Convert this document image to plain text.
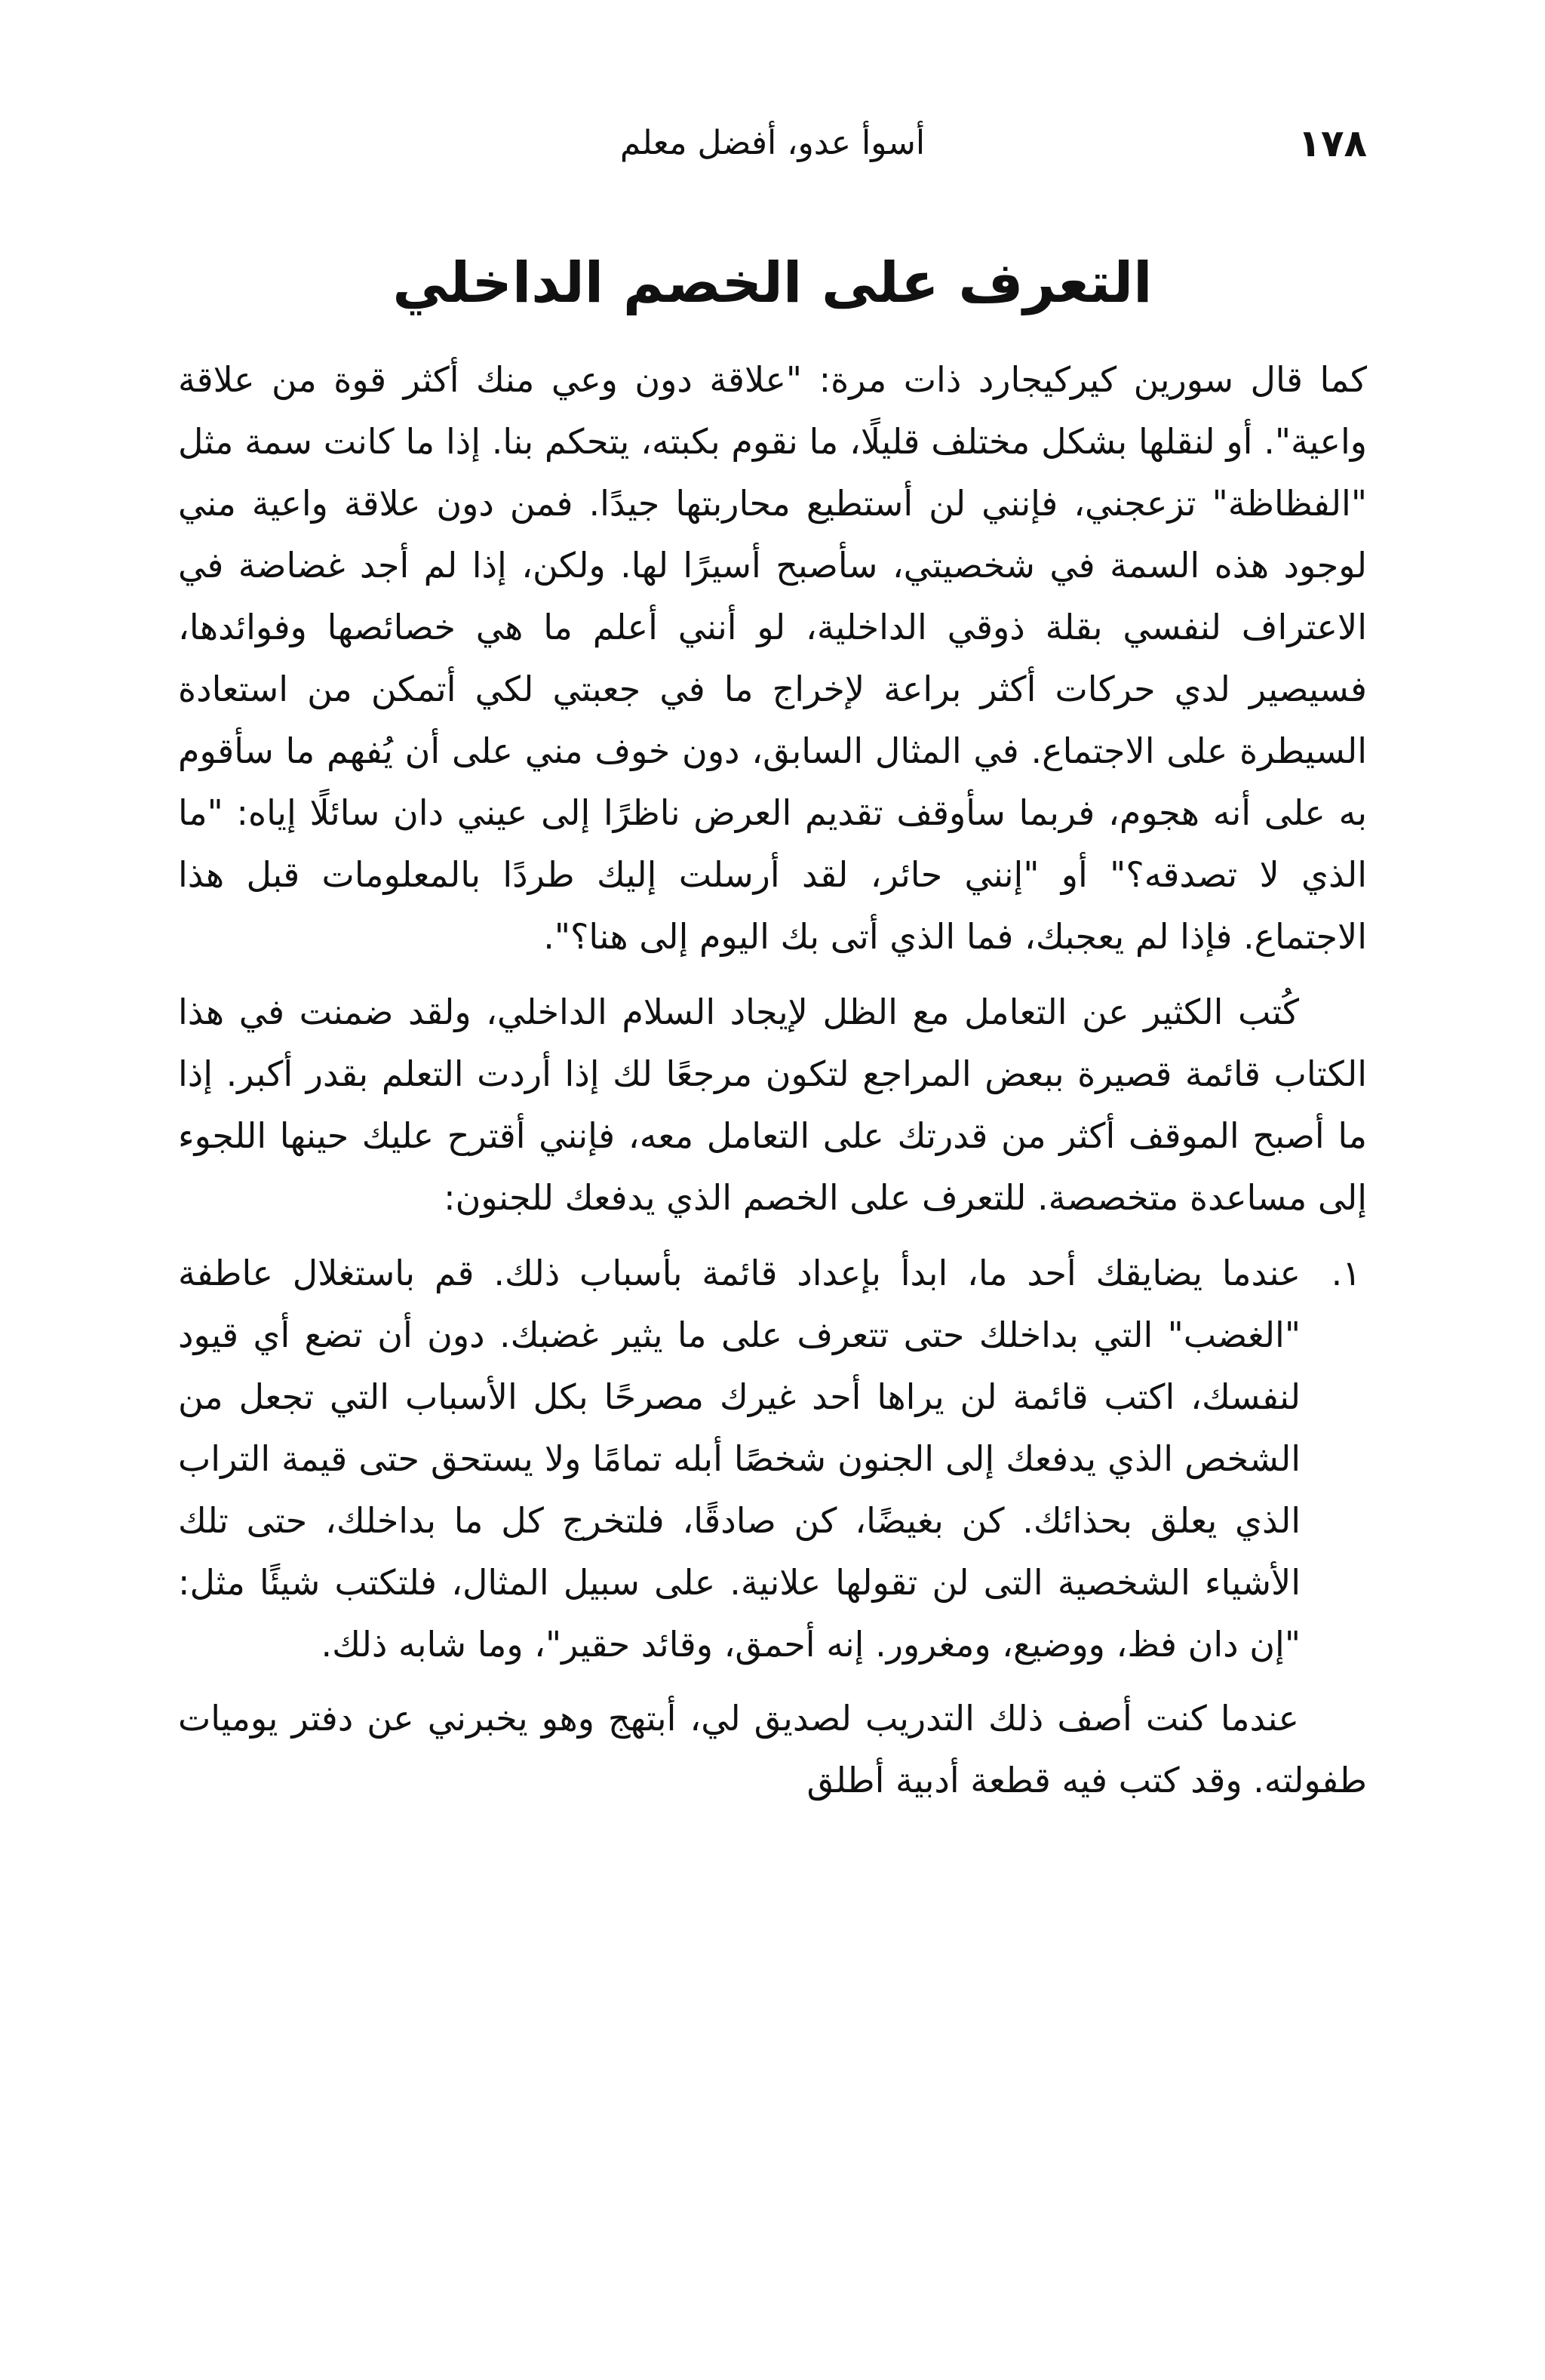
١٧٨
أسوأ عدو، أفضل معلم
التعرف على الخصم الداخلي

كما قال سورين كيركيجارد ذات مرة: "علاقة دون وعي منك أكثر قوة من علاقة واعية". أو لنقلها بشكل مختلف قليلًا، ما نقوم بكبته، يتحكم بنا. إذا ما كانت سمة مثل "الفظاظة" تزعجني، فإنني لن أستطيع محاربتها جيدًا. فمن دون علاقة واعية مني لوجود هذه السمة في شخصيتي، سأصبح أسيرًا لها. ولكن، إذا لم أجد غضاضة في الاعتراف لنفسي بقلة ذوقي الداخلية، لو أنني أعلم ما هي خصائصها وفوائدها، فسيصير لدي حركات أكثر براعة لإخراج ما في جعبتي لكي أتمكن من استعادة السيطرة على الاجتماع. في المثال السابق، دون خوف مني على أن يُفهم ما سأقوم به على أنه هجوم، فربما سأوقف تقديم العرض ناظرًا إلى عيني دان سائلًا إياه: "ما الذي لا تصدقه؟" أو "إنني حائر، لقد أرسلت إليك طردًا بالمعلومات قبل هذا الاجتماع. فإذا لم يعجبك، فما الذي أتى بك اليوم إلى هنا؟".

كُتب الكثير عن التعامل مع الظل لإيجاد السلام الداخلي، ولقد ضمنت في هذا الكتاب قائمة قصيرة ببعض المراجع لتكون مرجعًا لك إذا أردت التعلم بقدر أكبر. إذا ما أصبح الموقف أكثر من قدرتك على التعامل معه، فإنني أقترح عليك حينها اللجوء إلى مساعدة متخصصة. للتعرف على الخصم الذي يدفعك للجنون:

١.
عندما يضايقك أحد ما، ابدأ بإعداد قائمة بأسباب ذلك. قم باستغلال عاطفة "الغضب" التي بداخلك حتى تتعرف على ما يثير غضبك. دون أن تضع أي قيود لنفسك، اكتب قائمة لن يراها أحد غيرك مصرحًا بكل الأسباب التي تجعل من الشخص الذي يدفعك إلى الجنون شخصًا أبله تمامًا ولا يستحق حتى قيمة التراب الذي يعلق بحذائك. كن بغيضًا، كن صادقًا، فلتخرج كل ما بداخلك، حتى تلك الأشياء الشخصية التى لن تقولها علانية. على سبيل المثال، فلتكتب شيئًا مثل: "إن دان فظ، ووضيع، ومغرور. إنه أحمق، وقائد حقير"، وما شابه ذلك.

عندما كنت أصف ذلك التدريب لصديق لي، أبتهج وهو يخبرني عن دفتر يوميات طفولته. وقد كتب فيه قطعة أدبية أطلق
